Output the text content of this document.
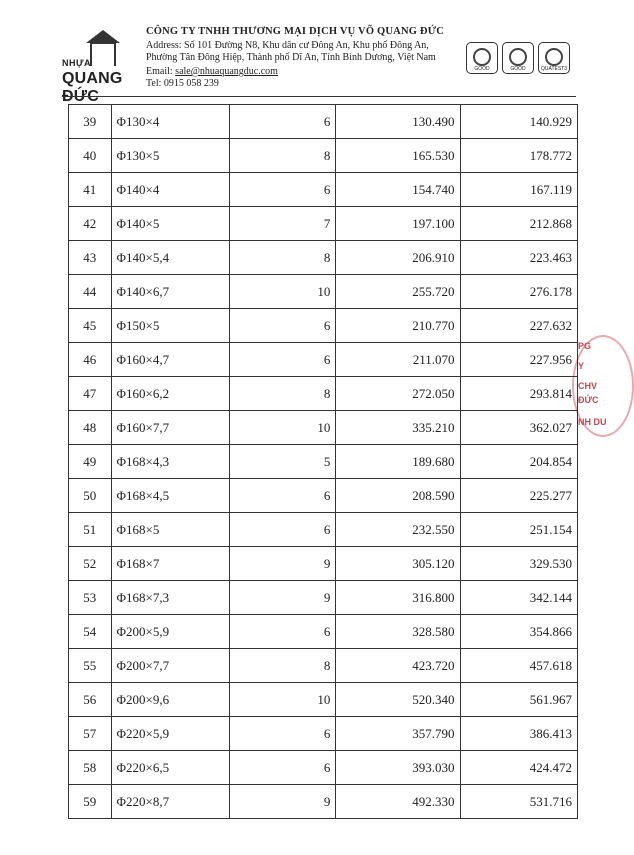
NHỰA
QUANG ĐỨC
CÔNG TY TNHH THƯƠNG MẠI DỊCH VỤ VÕ QUANG ĐỨC
Address: Số 101 Đường N8, Khu dân cư Đông An, Khu phố Đông An,
Phường Tân Đông Hiệp, Thành phố Dĩ An, Tỉnh Bình Dương, Việt Nam
Email: sale@nhuaquangduc.com
Tel: 0915 058 239
GOOD	GOOD	QUATEST3
PG
Y
CHV
ĐỨC
NH DU
39	Φ130×4	6	130.490	140.929
40	Φ130×5	8	165.530	178.772
41	Φ140×4	6	154.740	167.119
42	Φ140×5	7	197.100	212.868
43	Φ140×5,4	8	206.910	223.463
44	Φ140×6,7	10	255.720	276.178
45	Φ150×5	6	210.770	227.632
46	Φ160×4,7	6	211.070	227.956
47	Φ160×6,2	8	272.050	293.814
48	Φ160×7,7	10	335.210	362.027
49	Φ168×4,3	5	189.680	204.854
50	Φ168×4,5	6	208.590	225.277
51	Φ168×5	6	232.550	251.154
52	Φ168×7	9	305.120	329.530
53	Φ168×7,3	9	316.800	342.144
54	Φ200×5,9	6	328.580	354.866
55	Φ200×7,7	8	423.720	457.618
56	Φ200×9,6	10	520.340	561.967
57	Φ220×5,9	6	357.790	386.413
58	Φ220×6,5	6	393.030	424.472
59	Φ220×8,7	9	492.330	531.716
